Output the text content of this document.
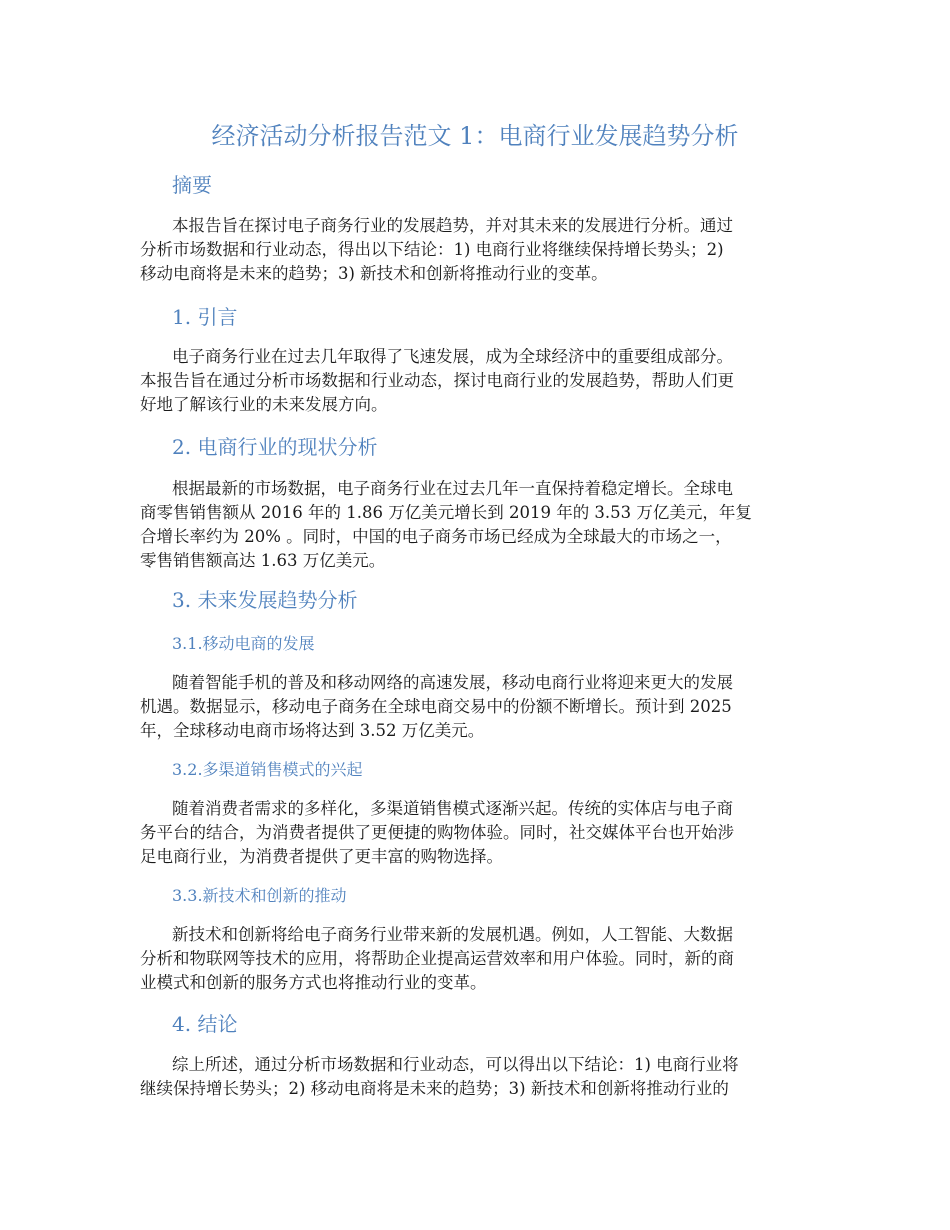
经济活动分析报告范文 1：电商行业发展趋势分析
摘要
本报告旨在探讨电子商务行业的发展趋势，并对其未来的发展进行分析。通过
分析市场数据和行业动态，得出以下结论：1) 电商行业将继续保持增长势头；2)
移动电商将是未来的趋势；3) 新技术和创新将推动行业的变革。
1. 引言
电子商务行业在过去几年取得了飞速发展，成为全球经济中的重要组成部分。
本报告旨在通过分析市场数据和行业动态，探讨电商行业的发展趋势，帮助人们更
好地了解该行业的未来发展方向。
2. 电商行业的现状分析
根据最新的市场数据，电子商务行业在过去几年一直保持着稳定增长。全球电
商零售销售额从 2016 年的 1.86 万亿美元增长到 2019 年的 3.53 万亿美元，年复
合增长率约为 20% 。同时，中国的电子商务市场已经成为全球最大的市场之一，
零售销售额高达 1.63 万亿美元。
3. 未来发展趋势分析
3.1.移动电商的发展
随着智能手机的普及和移动网络的高速发展，移动电商行业将迎来更大的发展
机遇。数据显示，移动电子商务在全球电商交易中的份额不断增长。预计到 2025
年，全球移动电商市场将达到 3.52 万亿美元。
3.2.多渠道销售模式的兴起
随着消费者需求的多样化，多渠道销售模式逐渐兴起。传统的实体店与电子商
务平台的结合，为消费者提供了更便捷的购物体验。同时，社交媒体平台也开始涉
足电商行业，为消费者提供了更丰富的购物选择。
3.3.新技术和创新的推动
新技术和创新将给电子商务行业带来新的发展机遇。例如，人工智能、大数据
分析和物联网等技术的应用，将帮助企业提高运营效率和用户体验。同时，新的商
业模式和创新的服务方式也将推动行业的变革。
4. 结论
综上所述，通过分析市场数据和行业动态，可以得出以下结论：1) 电商行业将
继续保持增长势头；2) 移动电商将是未来的趋势；3) 新技术和创新将推动行业的
